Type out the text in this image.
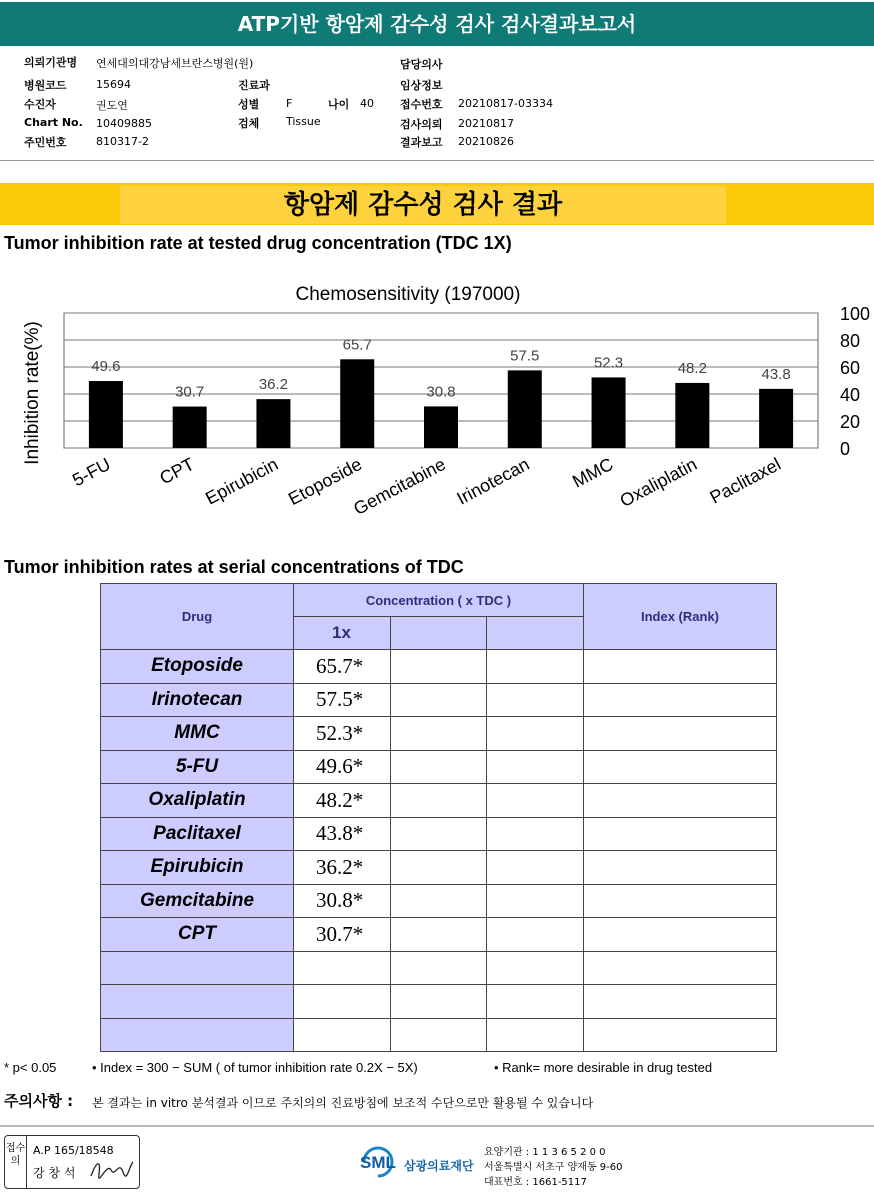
ATP기반 항암제 감수성 검사 검사결과보고서
의뢰기관명 연세대의대강남세브란스병원(원)
병원코드	15694	진료과
수진자	권도연	성별 F	나이 40
Chart No. 10409885	검체 Tissue
주민번호	810317-2
담당의사
임상정보
접수번호 20210817-03334
검사의뢰 20210817
결과보고 20210826
항암제 감수성 검사 결과
Tumor inhibition rate at tested drug concentration (TDC 1X)
0
20
40
60
80
100
49.6
5-FU
30.7
CPT
36.2
Epirubicin
65.7
Etoposide
30.8
Gemcitabine
57.5
Irinotecan
52.3
MMC
48.2
Oxaliplatin
43.8
Paclitaxel
Chemosensitivity (197000)
Inhibition rate(%)
Tumor inhibition rates at serial concentrations of TDC
Drug	Concentration ( x TDC )			Index (Rank)
	1x			
Etoposide	65.7*			
Irinotecan	57.5*			
MMC	52.3*			
5-FU	49.6*			
Oxaliplatin	48.2*			
Paclitaxel	43.8*			
Epirubicin	36.2*			
Gemcitabine	30.8*			
CPT	30.7*			

* p< 0.05	• Index = 300 − SUM ( of tumor inhibition rate 0.2X − 5X)	• Rank= more desirable in drug tested
주의사항 : 본 결과는 in vitro 분석결과 이므로 주치의의 진료방침에 보조적 수단으로만 활용될 수 있습니다
접수의
A.P 165/18548
강 창 석
SML 삼광의료재단
요양기관 : 1 1 3 6 5 2 0 0
서울특별시 서초구 양재동 9-60
대표번호 : 1661-5117
